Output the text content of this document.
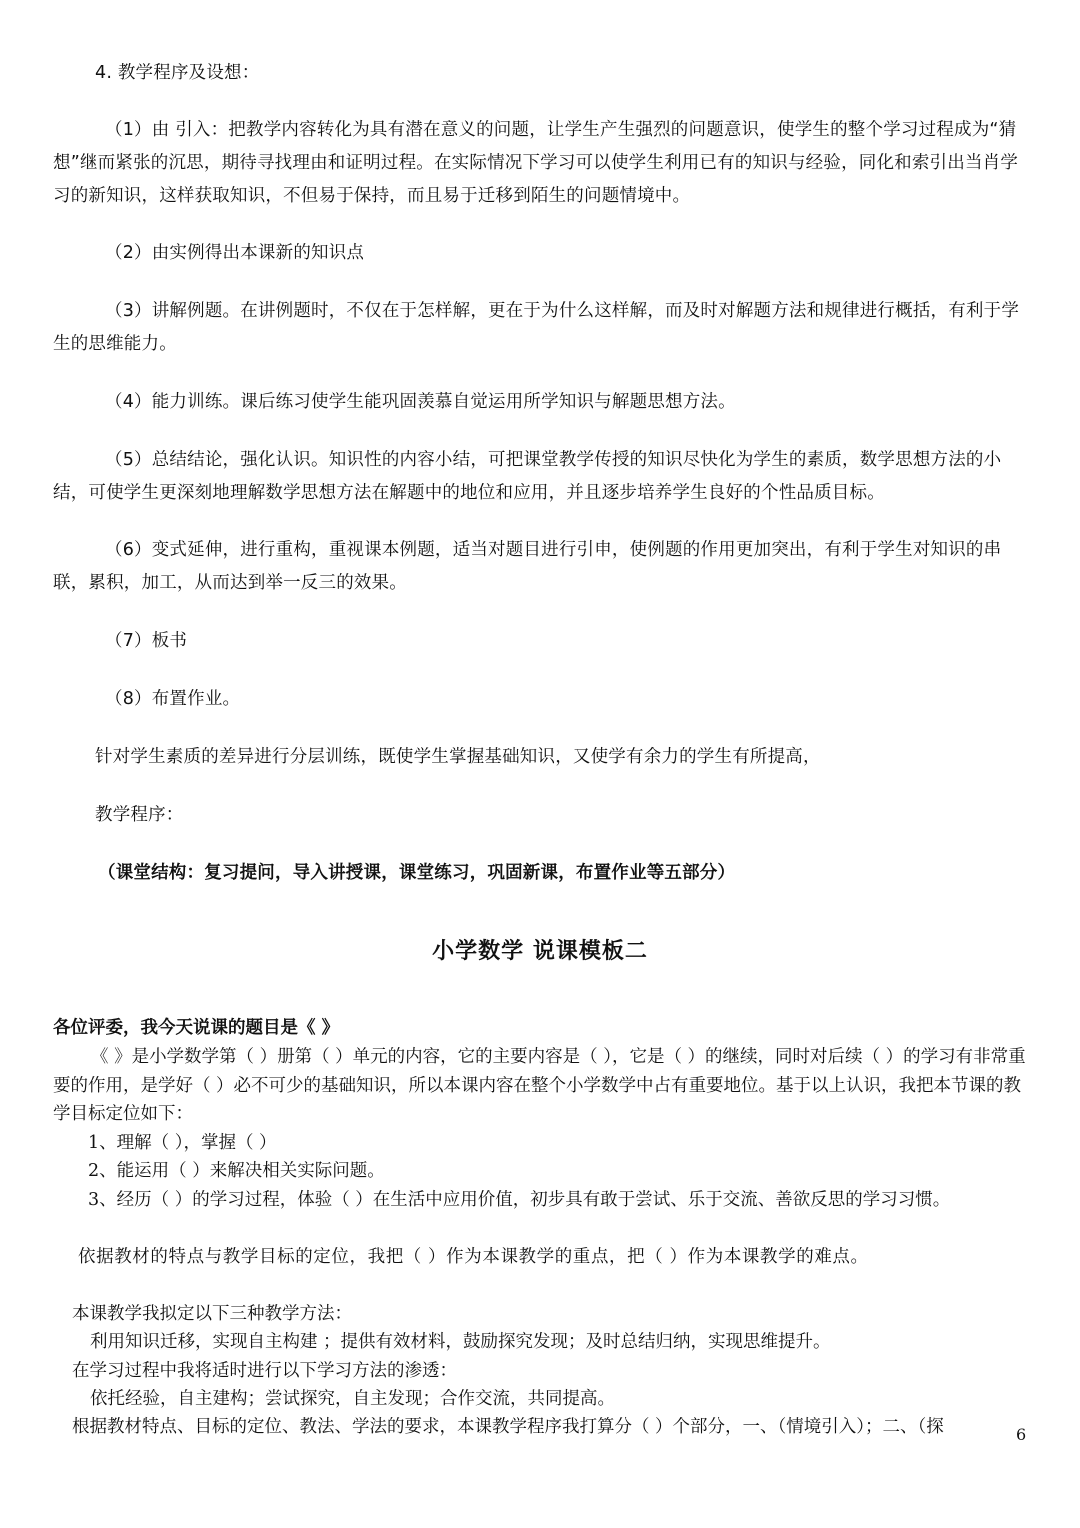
4. 教学程序及设想：
（1）由 引入：把教学内容转化为具有潜在意义的问题，让学生产生强烈的问题意识，使学生的整个学习过程成为“猜想”继而紧张的沉思，期待寻找理由和证明过程。在实际情况下学习可以使学生利用已有的知识与经验，同化和索引出当肖学习的新知识，这样获取知识，不但易于保持，而且易于迁移到陌生的问题情境中。
（2）由实例得出本课新的知识点
（3）讲解例题。在讲例题时，不仅在于怎样解，更在于为什么这样解，而及时对解题方法和规律进行概括，有利于学生的思维能力。
（4）能力训练。课后练习使学生能巩固羡慕自觉运用所学知识与解题思想方法。
（5）总结结论，强化认识。知识性的内容小结，可把课堂教学传授的知识尽快化为学生的素质，数学思想方法的小结，可使学生更深刻地理解数学思想方法在解题中的地位和应用，并且逐步培养学生良好的个性品质目标。
（6）变式延伸，进行重构，重视课本例题，适当对题目进行引申，使例题的作用更加突出，有利于学生对知识的串联，累积，加工，从而达到举一反三的效果。
（7）板书
（8）布置作业。
针对学生素质的差异进行分层训练，既使学生掌握基础知识，又使学有余力的学生有所提高，
教学程序：
（课堂结构：复习提问，导入讲授课，课堂练习，巩固新课，布置作业等五部分）
小学数学 说课模板二
各位评委，我今天说课的题目是《 》
《 》是小学数学第（ ）册第（ ）单元的内容，它的主要内容是（ ），它是（ ）的继续，同时对后续（ ）的学习有非常重要的作用，是学好（ ）必不可少的基础知识，所以本课内容在整个小学数学中占有重要地位。基于以上认识，我把本节课的教学目标定位如下：
1、理解（ ），掌握（ ）
2、能运用（ ）来解决相关实际问题。
3、经历（ ）的学习过程，体验（ ）在生活中应用价值，初步具有敢于尝试、乐于交流、善欲反思的学习习惯。
依据教材的特点与教学目标的定位，我把（ ）作为本课教学的重点，把（ ）作为本课教学的难点。
本课教学我拟定以下三种教学方法：
利用知识迁移，实现自主构建 ；提供有效材料，鼓励探究发现；及时总结归纳，实现思维提升。
在学习过程中我将适时进行以下学习方法的渗透：
依托经验，自主建构；尝试探究，自主发现；合作交流，共同提高。
根据教材特点、目标的定位、教法、学法的要求，本课教学程序我打算分（ ）个部分，一、（情境引入）；二、（探	6
